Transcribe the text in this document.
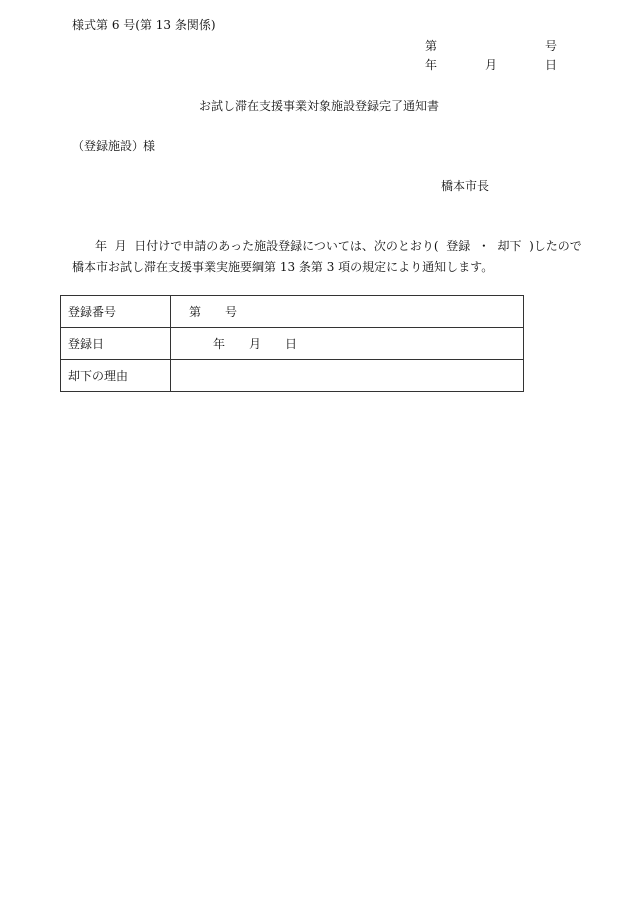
様式第 6 号(第 13 条関係)
第	号
年	月	日
お試し滞在支援事業対象施設登録完了通知書
（登録施設）
様
橋本市長
年  月  日付けで申請のあった施設登録については、次のとおり(  登録  ・  却下  )したので
橋本市お試し滞在支援事業実施要綱第 13 条第 3 項の規定により通知します。
登録番号	第　　号
登録日	　　　年　　月　　日
却下の理由	
